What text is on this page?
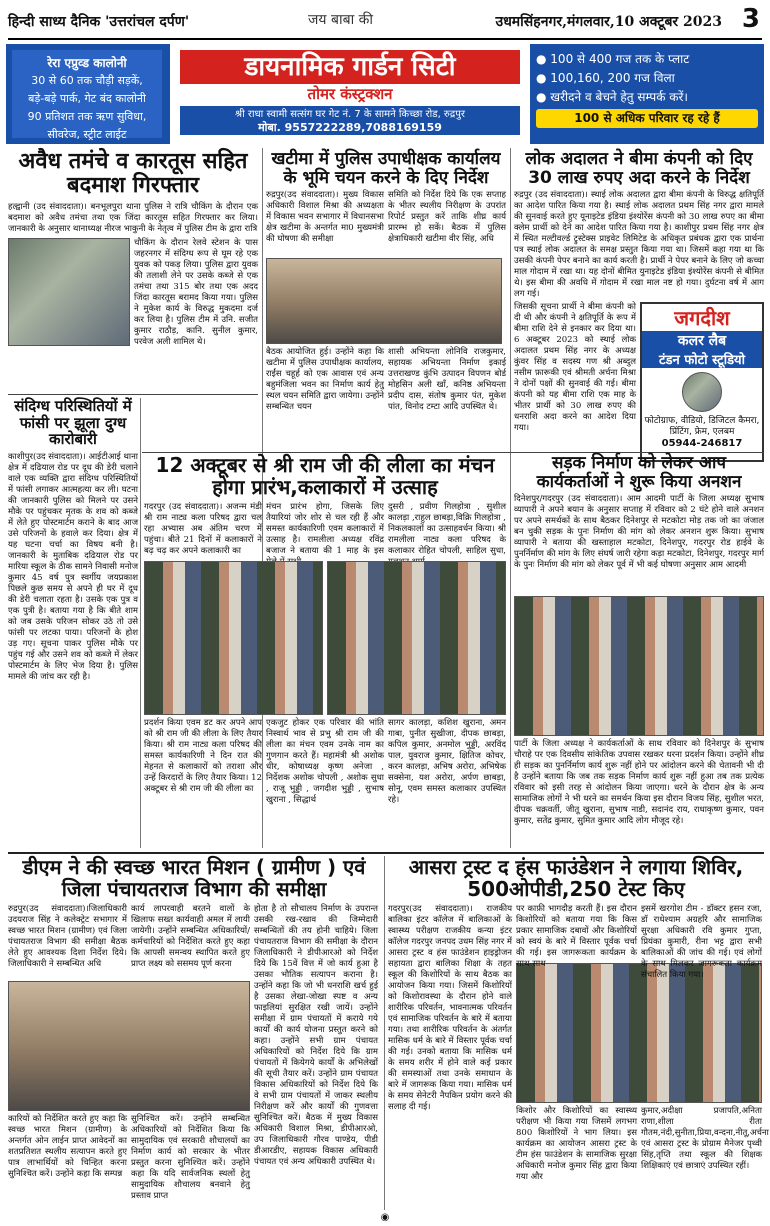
हिन्दी साध्य दैनिक 'उत्तरांचल दर्पण'	जय बाबा की	उधमसिंहनगर,मंगलवार,10 अक्टूबर 2023 3
रेरा एप्रुव्ड कालोनी
30 से 60 तक चौड़ी सड़कें,
बड़े-बड़े पार्क, गेट बंद कालोनी
90 प्रतिशत तक ऋण सुविधा,
सीवरेज, स्ट्रीट लाईट
डायनामिक गार्डन सिटी
तोमर कंस्ट्रक्शन
श्री राधा स्वामी सत्संग घर गेट नं. 7 के सामने किच्छा रोड, रुद्रपुर
मोबा. 9557222289,7088169159
● 100 से 400 गज तक के प्लाट
● 100,160, 200 गज विला
● खरीदने व बेचने हेतु सम्पर्क करें।
100 से अधिक परिवार रह रहे हैं
अवैध तमंचे व कारतूस सहित बदमाश गिरफ्तार

हल्द्वानी (उद संवाददाता)। बनभूलपुरा थाना पुलिस ने रात्रि चौकिंग के दौरान एक बदमाश को अवैध तमंचा तथा एक जिंदा कारतूस सहित गिरफ्तार कर लिया। जानकारी के अनुसार थानाध्यक्ष नीरज भाकुनी के नेतृत्व में पुलिस टीम के द्वारा रात्रि

चौकिंग के दौरान रेलवे स्टेशन के पास जहरनगर में संदिग्ध रूप से घूम रहे एक युवक को पकड़ लिया। पुलिस द्वारा युवक की तलाशी लेने पर उसके कब्जे से एक तमंचा तथा 315 बोर तथा एक अदद जिंदा कारतूस बरामद किया गया। पुलिस ने मुकेश कार्य के विरुद्ध मुकदमा दर्ज कर लिया है। पुलिस टीम में उनि. सजीत कुमार राठौड़, कानि. सुनील कुमार, परवेज अली शामिल थे।

खटीमा में पुलिस उपाधीक्षक कार्यालय के भूमि चयन करने के दिए निर्देश

रुद्रपुर(उद संवाददाता)। मुख्य विकास अधिकारी विशाल मिश्रा की अध्यक्षता में विकास भवन सभागार में विधानसभा क्षेत्र खटीमा के अन्तर्गत मा0 मुख्यमंत्री की घोषणा की समीक्षा

समिति को निर्देश दिये कि एक सप्ताह के भीतर स्थलीय निरीक्षण के उपरांत रिपोर्ट प्रस्तुत करें ताकि शीघ्र कार्य प्रारम्भ हो सकें। बैठक में पुलिस क्षेत्राधिकारी खटीमा वीर सिंह, अधि

बैठक आयोजित हुई। उन्होंने कहा कि खटीमा में पुलिस उपाधीक्षक कार्यालय, राईंस चहूर्ह को एक आवास एवं अन्य बहुमंजिला भवन का निर्माण कार्य हेतु स्थल चयन समिति द्वारा जायेगा। उन्होंने सम्बन्धित चयन

शासी अभियन्ता लोनिवि राजकुमार, सहायक अभियन्ता निर्माण इकाई उत्तराखण्ड कुंभि उत्पादन विपणन बोर्ड मोहसिन अली खाँ, कनिष्ठ अभियन्ता प्रदीप दास, संतोष कुमार पंत, मुकेश पांत, विनोद टम्टा आदि उपस्थित थे।

लोक अदालत ने बीमा कंपनी को दिए 30 लाख रुपए अदा करने के निर्देश

रुद्रपुर (उद संवाददाता)। स्थाई लोक अदालत द्वारा बीमा कंपनी के विरुद्ध क्षतिपूर्ति का आदेश पारित किया गया है। स्थाई लोक अदालत प्रथम सिंह नगर द्वारा मामले की सुनवाई करते हुए यूनाइटेड इंडिया इंश्योरेंस कंपनी को 30 लाख रुपए का बीमा क्लेम प्रार्थी को देने का आदेश पारित किया गया है। काशीपुर प्रथम सिंह नगर क्षेत्र में स्थित मल्टीवर्ल्ड ट्रुस्टेक्स प्राइवेट लिमिटेड के अधिकृत प्रबंधक द्वारा एक प्रार्थना पत्र स्थाई लोक अदालत के समक्ष प्रस्तुत किया गया था। जिसमें कहा गया था कि उसकी कंपनी पेपर बनाने का कार्य करती है। प्रार्थी ने पेपर बनाने के लिए जो कच्चा माल गोदाम में रखा था। यह दोनों बीमित युनाइटेड इंडिया इंश्योरेंस कंपनी से बीमित थे। इस बीमा की अवधि में गोदाम में रखा माल नष्ट हो गया। दुर्घटना वर्ष में आग लग गई।

जिसकी सूचना प्रार्थी ने बीमा कंपनी को दी थी और कंपनी ने क्षतिपूर्ति के रूप में बीमा राशि देने से इनकार कर दिया था। 6 अक्टूबर 2023 को स्थाई लोक अदालत प्रथम सिंह नगर के अध्यक्ष कुंवर सिंह व सदस्य गण श्री अब्दुल नसीम फ़ारूकी एवं श्रीमती अर्चना मिश्रा ने दोनों पक्षों की सुनवाई की गई। बीमा कंपनी को यह बीमा राशि एक माह के भीतर प्रार्थी को 30 लाख रुपए की धनराशि अदा करने का आदेश दिया गया।

जगदीश
कलर लैब
टंडन फोटो स्टूडियो
फोटोग्राफ, वीडियो, डिजिटल कैमरा, प्रिंटिंग, फ्रेम, एलबम
05944-246817
संदिग्ध परिस्थितियों में फांसी पर झूला दुग्ध कारोबारी

काशीपुर(उद संवाददाता)। आईटीआई थाना क्षेत्र में दढियाल रोड पर दूध की डेरी चलाने वाले एक व्यक्ति द्वारा संदिग्ध परिस्थितियों में फांसी लगाकर आत्महत्या कर ली। घटना की जानकारी पुलिस को मिलने पर उसने मौके पर पहुंचकर मृतक के शव को कब्जे में लेते हुए पोस्टमार्टम कराने के बाद आज उसे परिजनों के हवाले कर दिया। क्षेत्र में यह घटना चर्चा का विषय बनी है। जानकारी के मुताबिक दढियाल रोड पर मारिया स्कूल के ठीक सामने निवासी मनोज कुमार 45 वर्ष पुत्र स्वर्गीय जयप्रकाश पिछले कुछ समय से अपने ही घर में दूध की डेरी चलाता रहता है। उसके एक पुत्र व एक पुत्री है। बताया गया है कि बीते शाम को जब उसके परिजन सोकर उठे तो उसे फांसी पर लटका पाया। परिजनों के होश उड़ गए। सूचना पाकर पुलिस मौके पर पहुंच गई और उसने शव को कब्जे में लेकर पोस्टमार्टम के लिए भेज दिया है। पुलिस मामले की जांच कर रही है।

12 अक्टूबर से श्री राम जी की लीला का मंचन होगा प्रारंभ,कलाकारों में उत्साह

गदरपुर (उद संवाददाता)। अजन्म मंडी श्री राम नाट्य कला परिषद द्वारा चल रहा अभ्यास अब अंतिम चरण में पहुंचा। बीते 21 दिनों में कलाकारों ने बढ़ चढ़ कर अपने कलाकारी का

मंचन प्रारंभ होगा, जिसके लिए तैयारियां जोर शोर से चल रही हैं और समस्त कार्यकारिणी एवम कलाकारों में उत्साह है। रामलीला अध्यक्ष रविंद्र बजाज ने बताया की 1 माह के इस

दुसरी , प्रवीण गिलहोत्रा , सुशील कालड़ा ,राहुल छाबड़ा,विक्रि गिलहोत्रा , निकलकालों का उत्साहवर्धन किया। श्री रामलीला नाट्य कला परिषद के कलाकार रोहित चोपली, साहिल सुधा,

प्रदर्शन किया एवम डट कर अपने आप को श्री राम जी की लीला के लिए तैयार किया। श्री राम नाट्य कला परिषद की समस्त कार्यकारिणी ने दिन रात की मेहनत से कलाकारों को तराशा और उन्हें किरदारों के लिए तैयार किया। 12 अक्टूबर से श्री राम जी की लीला का

एकजुट होकर एक परिवार की भांति निस्वार्थ भाव से प्रभु श्री राम जी की लीला का मंचन एवम उनके नाम का गुणगान करते हैं। महामंत्री श्री अशोक धीर, कोषाध्यक्ष कृष्ण अनेजा , निर्देशक अशोक चोपली , अशोक सुधा , राजू भुड्डी , जगदीश भुड्डी , सुभाष खुराना , सिद्धार्थ

सागर कालड़ा, कशिश खुराना, अमन गाबा, पुनीत सुखीजा, दीपक छाबड़ा, कपिल कुमार, अनमोल भुड्डी, अरविंद पाल, युवराज कुमार, क्षितिज कोचर, करन कालड़ा, अभिष अरोरा, अभिषेक सक्सेना, यश अरोरा, अर्पण छाबड़ा, सोनू, एवम समस्त कलाकार उपस्थित रहे।

सड़क निर्माण को लेकर आप कार्यकर्ताओं ने शुरू किया अनशन

दिनेशपुर/गदरपुर (उद संवाददाता)। आम आदमी पार्टी के जिला अध्यक्ष सुभाष व्यापारी ने अपने बयान के अनुसार सप्ताह में रविवार को 2 घंटे होने वाले अनशन पर अपने समर्थकों के साथ बैठकर दिनेशपुर से मटकोटा मोड़ तक जो का जंजाल बन चुकी सड़क के पुनः निर्माण की मांग को लेकर अनशन शुरू किया। सुभाष व्यापारी ने बताया की खस्ताहाल मटकोटा, दिनेशपुर, गदरपुर रोड हाईवे के पुनर्निर्माण की मांग के लिए संघर्ष जारी रहेगा कड़ा मटकोटा, दिनेशपुर, गदरपुर मार्ग के पुनः निर्माण की मांग को लेकर पूर्व में भी कई घोषणा अनुसार आम आदमी

पार्टी के जिला अध्यक्ष ने कार्यकर्ताओं के साथ रविवार को दिनेशपुर के सुभाष चौराहे पर एक दिवसीय सांकेतिक उपवास रखकर धरना प्रदर्शन किया। उन्होंने शीघ्र ही सड़क का पुनर्निर्माण कार्य शुरू नहीं होने पर आंदोलन करने की चेतावनी भी दी है उन्होंने बताया कि जब तक सड़क निर्माण कार्य शुरू नहीं हुआ तब तक प्रत्येक रविवार को इसी तरह से आंदोलन किया जाएगा। धरने के दौरान क्षेत्र के अन्य सामाजिक लोगों ने भी धरने का समर्थन किया इस दौरान विजय सिंह, सुशील भरत, दीपक चक्रवर्ती, जीतू खुराना, सुभाष नाडी, सदानंद राय, राधाकृष्ण कुमार, पवन कुमार, सतेंद्र कुमार, सुमित कुमार आदि लोग मौजूद रहे।

डीएम ने की स्वच्छ भारत मिशन ( ग्रामीण ) एवं जिला पंचायतराज विभाग की समीक्षा

रुद्रपुर(उद संवाददाता)।जिलाधिकारी उदयराज सिंह ने कलेक्ट्रेट सभागार में स्वच्छ भारत मिशन (ग्रामीण) एवं जिला पंचायतराज विभाग की समीक्षा बैठक लेते हुए आवश्यक दिशा निर्देश दिये। जिलाधिकारी ने सम्बन्धित अधि

कार्य लापरवाही बरतने वालों के खिलाफ सख्त कार्यवाही अमल में लायी जायेगी। उन्होंने सम्बन्धित अधिकारियों/कर्मचारियों को निर्देशित करते हुए कहा कि आपसी समन्वय स्थापित करते हुए प्राप्त लक्ष्य को ससमय पूर्ण करना

कारियों को निर्देशित करते हुए कहा कि स्वच्छ भारत मिशन (ग्रामीण) के अन्तर्गत ओन लाईन प्राप्त आवेदनों का शतप्रतिशत स्थलीय सत्यापन करते हुए पात्र लाभार्थियों को चिन्हित करना सुनिश्चित करें। उन्होंने कहा कि सम्पन्न

सुनिश्चित करें। उन्होंने सम्बन्धित अधिकारियों को निर्देशित किया कि सामुदायिक एवं सरकारी शौचालयों का निर्माण कार्य को सरकार के भीतर प्रस्तुत करना सुनिश्चित करें। उन्होंने कहा कि यदि सार्वजनिक स्थलों हेतु सामुदायिक शौचालय बनवाने हेतु प्रस्ताव प्राप्त

होता है तो सौचालय निर्माण के उपरान्त उसकी रख-रखाव की जिम्मेदारी सम्बन्धितों की तय होनी चाहिये। जिला पंचायतराज विभाग की समीक्षा के दौरान जिलाधिकारी ने डीपीआरओ को निर्देश दिये कि 15वें वित्त में जो कार्य हुआ है उसका भौतिक सत्यापन कराना है। उन्होंने कहा कि जो भी धनराशि खर्च हुई है उसका लेखा-जोखा स्पष्ट व अन्य फाइलियां सुरक्षित रखी जायें। उन्होंने समीक्षा में ग्राम पंचायतों में कराये गये कार्यों की कार्य योजना प्रस्तुत करने को कहा। उन्होंने सभी ग्राम पंचायत अधिकारियों को निर्देश दिये कि ग्राम पंचायतों में कियेगये कार्यों के अभिलेखों की सूची तैयार करें। उन्होंने ग्राम पंचायत विकास अधिकारियों को निर्देश दिये कि वे सभी ग्राम पंचायतों में जाकर स्थलीय निरीक्षण करें और कार्यों की गुणवत्ता सुनिश्चित करें। बैठक में मुख्य विकास अधिकारी विशाल मिश्रा, डीपीआरओ, उप जिलाधिकारी गौरव पाण्डेय, पीडी डीआरडीए, सहायक विकास अधिकारी पंचायत एवं अन्य अधिकारी उपस्थित थे।

आसरा ट्रस्ट द हंस फाउंडेशन ने लगाया शिविर, 500ओपीडी,250 टेस्ट किए

गदरपुर(उद संवाददाता)। राजकीय बालिका इंटर कॉलेज में बालिकाओं के स्वास्थ्य परीक्षण राजकीय कन्या इंटर कॉलेज गदरपुर जनपद उधम सिंह नगर में आसरा ट्रस्ट व हंस फाउंडेशन हाइड्रोजन सहायता द्वारा बालिका शिक्षा के तहत स्कूल की किशोरियों के साथ बैठक का आयोजन किया गया। जिसमें किशोरियों को किशोरावस्था के दौरान होने वाले शारीरिक परिवर्तन, भावनात्मक परिवर्तन एवं सामाजिक परिवर्तन के बारे में बताया गया। तथा शारीरिक परिवर्तन के अंतर्गत मासिक धर्म के बारे में विस्तार पूर्वक चर्चा की गई। उनको बताया कि मासिक धर्म के समय शरीर में होने वाले कई प्रकार की समस्याओं तथा उनके समाधान के बारे में जागरूक किया गया। मासिक धर्म के समय सेनेटरी नैपकिन प्रयोग करने की सलाह दी गई।

पर काफ़ी भागदौड़ करती हैं। इस दौरान किशोरियों को बताया गया कि किस प्रकार सामाजिक दबावों और किशोरियों को स्वयं के बारे में विस्तार पूर्वक चर्चा की गई। इस जागरूकता कार्यक्रम के साथ-साथ

इसमें खरगोश टीम - डॉक्टर हसन रजा, डॉ राधेश्याम अग्रहरि और सामाजिक सुरक्षा अधिकारी रवि कुमार गुप्ता, प्रियंका कुमारी, रीना भट्ट द्वारा सभी बालिकाओं की जांच की गई। एवं लोगों के साथ मिलकर जागरूकता कार्यक्रम संचालित किया गया।

किशोर और किशोरियों का स्वास्थ्य परीक्षण भी किया गया जिसमें लगभग 800 किशोरियों ने भाग लिया। इस कार्यक्रम का आयोजन आसरा ट्रस्ट के टीम हंस फाउंडेशन के सामाजिक सुरक्षा अधिकारी मनोज कुमार सिंह द्वारा किया गया और

कुमार,अदीक्षा प्रजापति,अनिता राणा,शीला रीता गौतम,नंदी,सुनीता,प्रिया,वन्दना,नीतू,अर्चना एवं आसरा ट्रस्ट के प्रोग्राम मैनेजर पृथ्वी सिंह,तृप्ति तथा स्कूल की शिक्षक शिक्षिकाएं एवं छात्राएं उपस्थित रहीं।

◉
